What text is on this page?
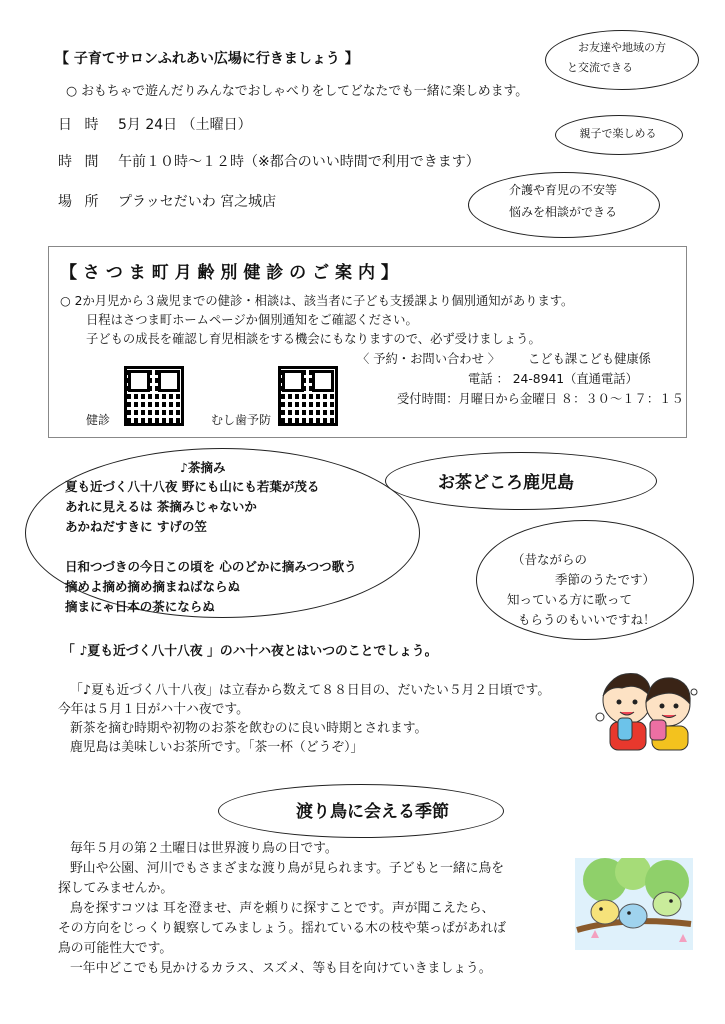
【 子育てサロンふれあい広場に行きましょう 】
○ おもちゃで遊んだりみんなでおしゃべりをしてどなたでも一緒に楽しめます。
日 時 5月 24日 （土曜日）
時 間 午前１０時～１２時（※都合のいい時間で利用できます）
場 所 プラッセだいわ 宮之城店
お友達や地域の方
と交流できる
親子で楽しめる
介護や育児の不安等
悩みを相談ができる
【 さ つ ま 町 月 齢 別 健 診 の ご 案 内 】
○ 2か月児から３歳児までの健診・相談は、該当者に子ども支援課より個別通知があります。
日程はさつま町ホームページか個別通知をご確認ください。
子どもの成長を確認し育児相談をする機会にもなりますので、必ず受けましょう。
〈 予約・お問い合わせ 〉 こども課こども健康係
電話 ： 24-8941（直通電話）
受付時間：月曜日から金曜日 ８：３０～１７：１５
健診	むし歯予防
♪茶摘み
夏も近づく八十八夜 野にも山にも若葉が茂る
あれに見えるは 茶摘みじゃないか
あかねだすきに すげの笠
日和つづきの今日この頃を 心のどかに摘みつつ歌う
摘めよ摘め摘め摘まねばならぬ
摘まにゃ日本の茶にならぬ
お茶どころ鹿児島
（昔ながらの
季節のうたです）
知っている方に歌って
もらうのもいいですね！
「 ♪夏も近づく八十八夜 」のハ十ハ夜とはいつのことでしょう。
「♪夏も近づく八十八夜」は立春から数えて８８日目の、だいたい５月２日頃です。
今年は５月１日がハ十ハ夜です。
新茶を摘む時期や初物のお茶を飲むのに良い時期とされます。
鹿児島は美味しいお茶所です。「茶一杯（どうぞ）」
渡り鳥に会える季節
毎年５月の第２土曜日は世界渡り鳥の日です。
野山や公園、河川でもさまざまな渡り鳥が見られます。子どもと一緒に鳥を
探してみませんか。
鳥を探すコツは 耳を澄ませ、声を頼りに探すことです。声が聞こえたら、
その方向をじっくり観察してみましょう。揺れている木の枝や葉っぱがあれば
鳥の可能性大です。
一年中どこでも見かけるカラス、スズメ、等も目を向けていきましょう。
